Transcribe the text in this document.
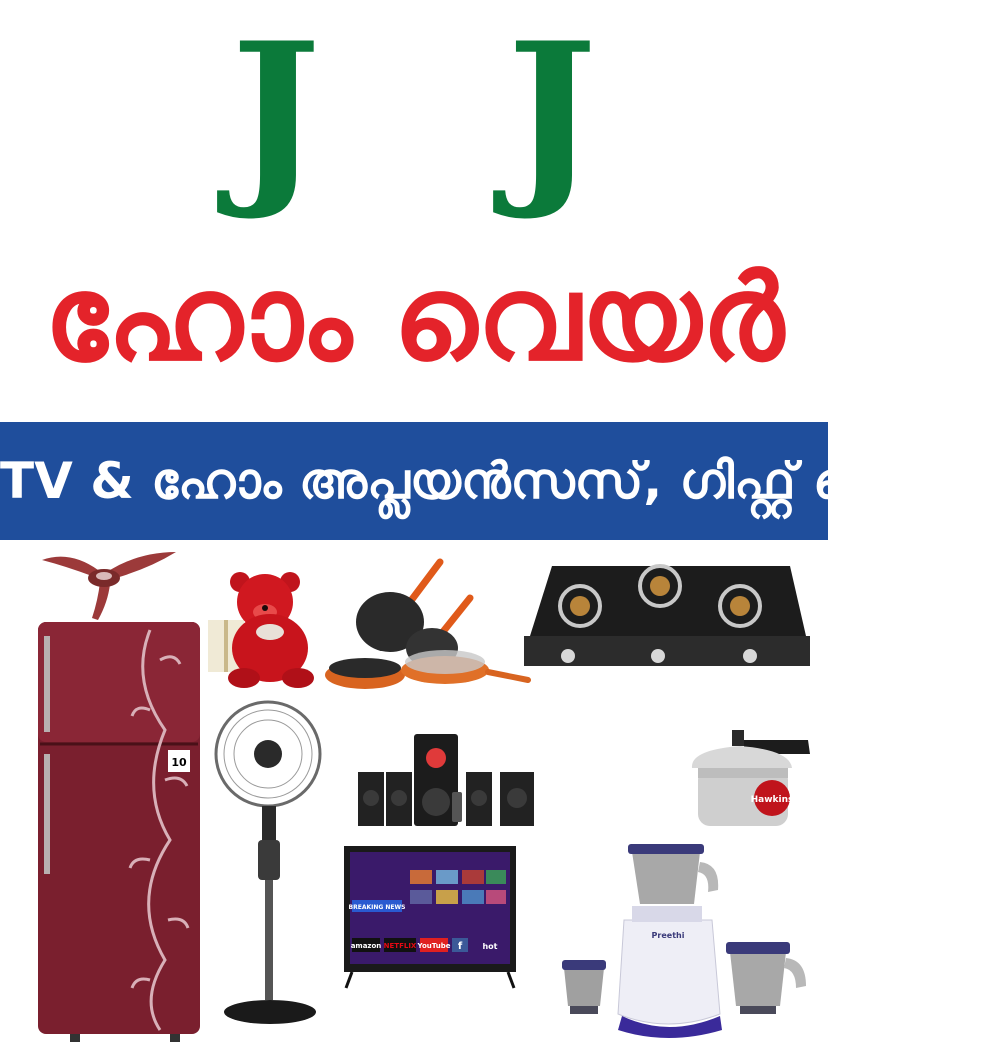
J J
ഹോം വെയർ
TV & ഹോം അപ്ലയൻസസ്, ഗിഫ്റ്റ് സെന്റർ
10
Hawkins
BREAKING NEWS
amazon NETFLIX YouTube f	hot
Preethi
